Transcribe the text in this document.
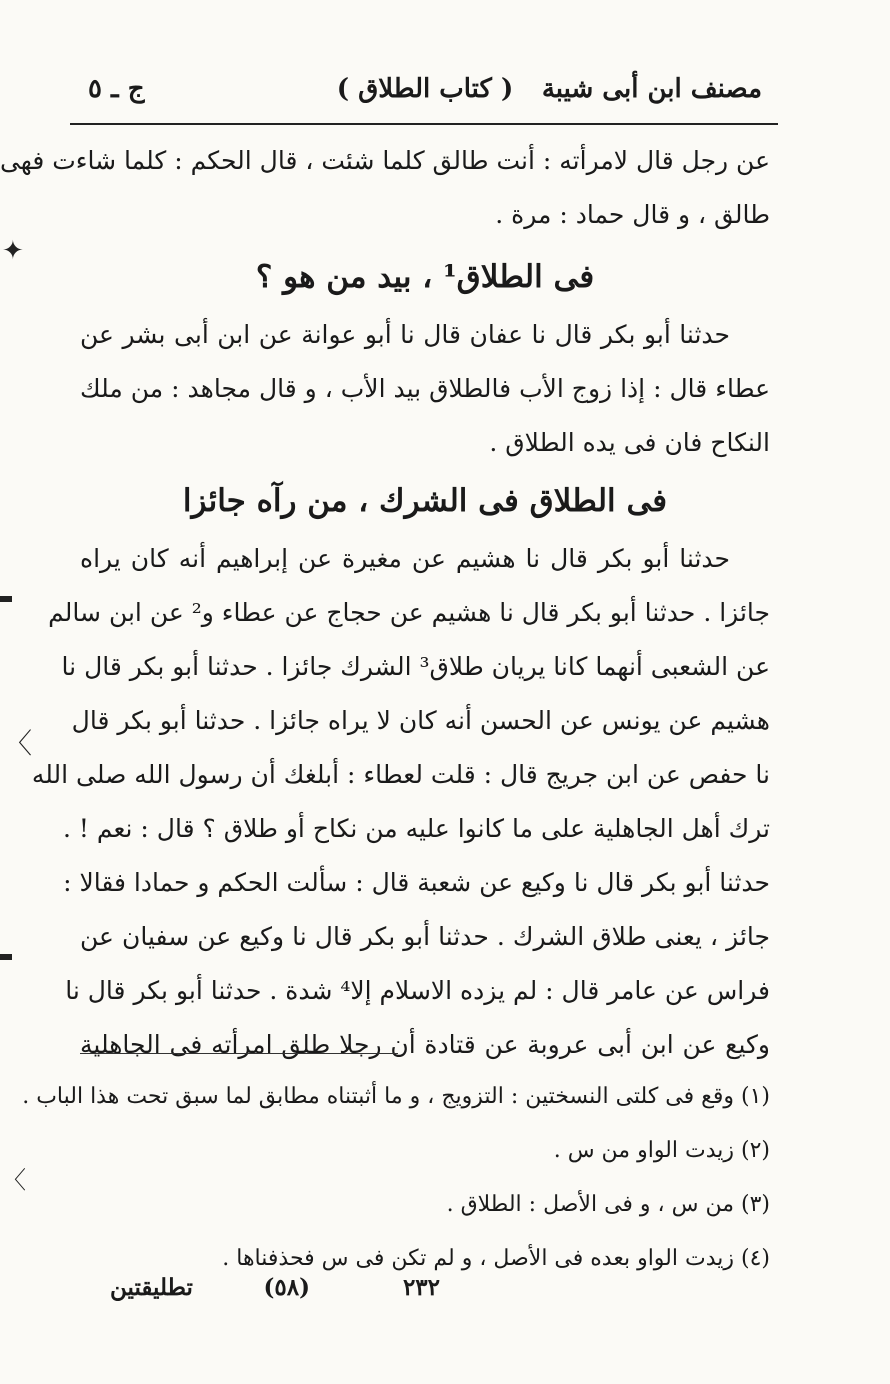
✦
〈
〈
مصنف ابن أبى شيبة
( كتاب الطلاق )
ج ـ ٥
عن رجل قال لامرأته : أنت طالق كلما شئت ، قال الحكم : كلما شاءت فهى
طالق ، و قال حماد : مرة .
فى الطلاق¹ ، بيد من هو ؟
حدثنا أبو بكر قال نا عفان قال نا أبو عوانة عن ابن أبى بشر عن
عطاء قال : إذا زوج الأب فالطلاق بيد الأب ، و قال مجاهد : من ملك
النكاح فان فى يده الطلاق .
فى الطلاق فى الشرك ، من رآه جائزا
حدثنا أبو بكر قال نا هشيم عن مغيرة عن إبراهيم أنه كان يراه
جائزا . حدثنا أبو بكر قال نا هشيم عن حجاج عن عطاء و² عن ابن سالم
عن الشعبى أنهما كانا يريان طلاق³ الشرك جائزا . حدثنا أبو بكر قال نا
هشيم عن يونس عن الحسن أنه كان لا يراه جائزا . حدثنا أبو بكر قال
نا حفص عن ابن جريج قال : قلت لعطاء : أبلغك أن رسول الله صلى الله
ترك أهل الجاهلية على ما كانوا عليه من نكاح أو طلاق ؟ قال : نعم ! .
حدثنا أبو بكر قال نا وكيع عن شعبة قال : سألت الحكم و حمادا فقالا :
جائز ، يعنى طلاق الشرك . حدثنا أبو بكر قال نا وكيع عن سفيان عن
فراس عن عامر قال : لم يزده الاسلام إلا⁴ شدة . حدثنا أبو بكر قال نا
وكيع عن ابن أبى عروبة عن قتادة أن رجلا طلق امرأته فى الجاهلية
(١) وقع فى كلتى النسختين : التزويج ، و ما أثبتناه مطابق لما سبق تحت هذا الباب .
(٢) زيدت الواو من س .
(٣) من س ، و فى الأصل : الطلاق .
(٤) زيدت الواو بعده فى الأصل ، و لم تكن فى س فحذفناها .
٢٣٢
(٥٨)
تطليقتين
